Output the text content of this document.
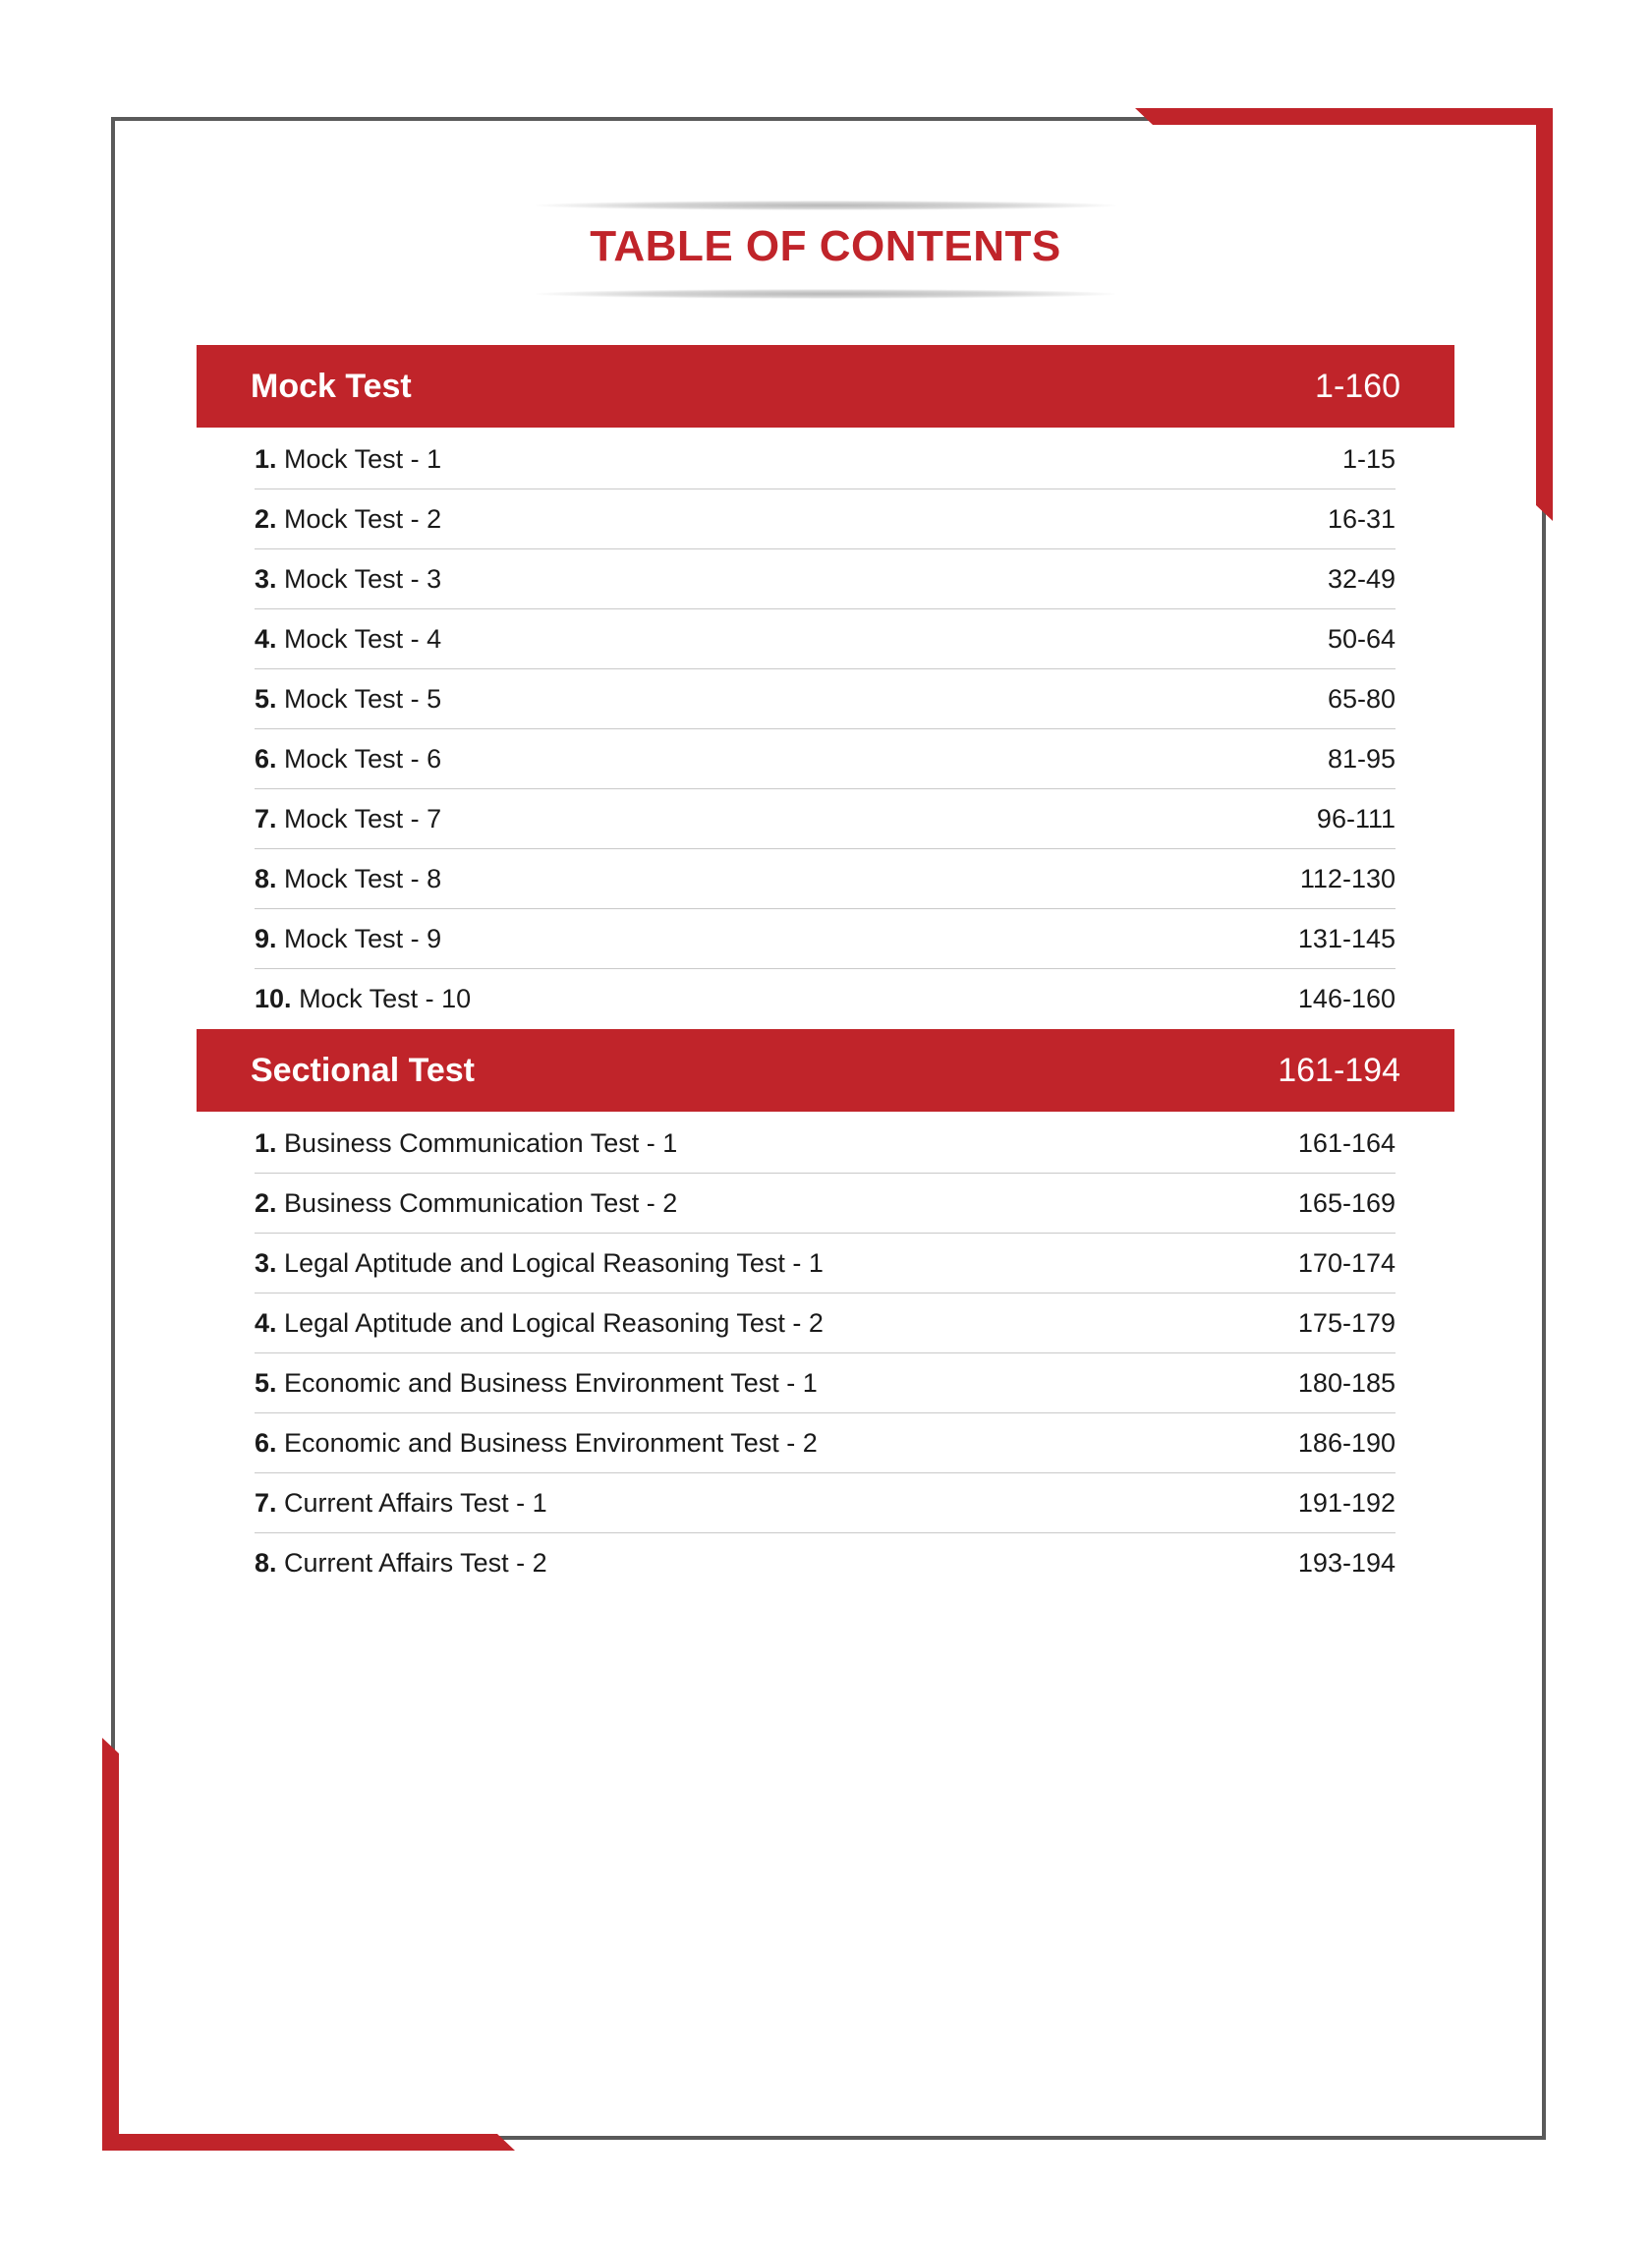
TABLE OF CONTENTS
Mock Test	1-160
1. Mock Test - 1	1-15
2. Mock Test - 2	16-31
3. Mock Test - 3	32-49
4. Mock Test - 4	50-64
5. Mock Test - 5	65-80
6. Mock Test - 6	81-95
7. Mock Test - 7	96-111
8. Mock Test - 8	112-130
9. Mock Test - 9	131-145
10. Mock Test - 10	146-160
Sectional Test	161-194
1. Business Communication Test - 1	161-164
2. Business Communication Test - 2	165-169
3. Legal Aptitude and Logical Reasoning Test - 1	170-174
4. Legal Aptitude and Logical Reasoning Test - 2	175-179
5. Economic and Business Environment Test - 1	180-185
6. Economic and Business Environment Test - 2	186-190
7. Current Affairs Test - 1	191-192
8. Current Affairs Test - 2	193-194
